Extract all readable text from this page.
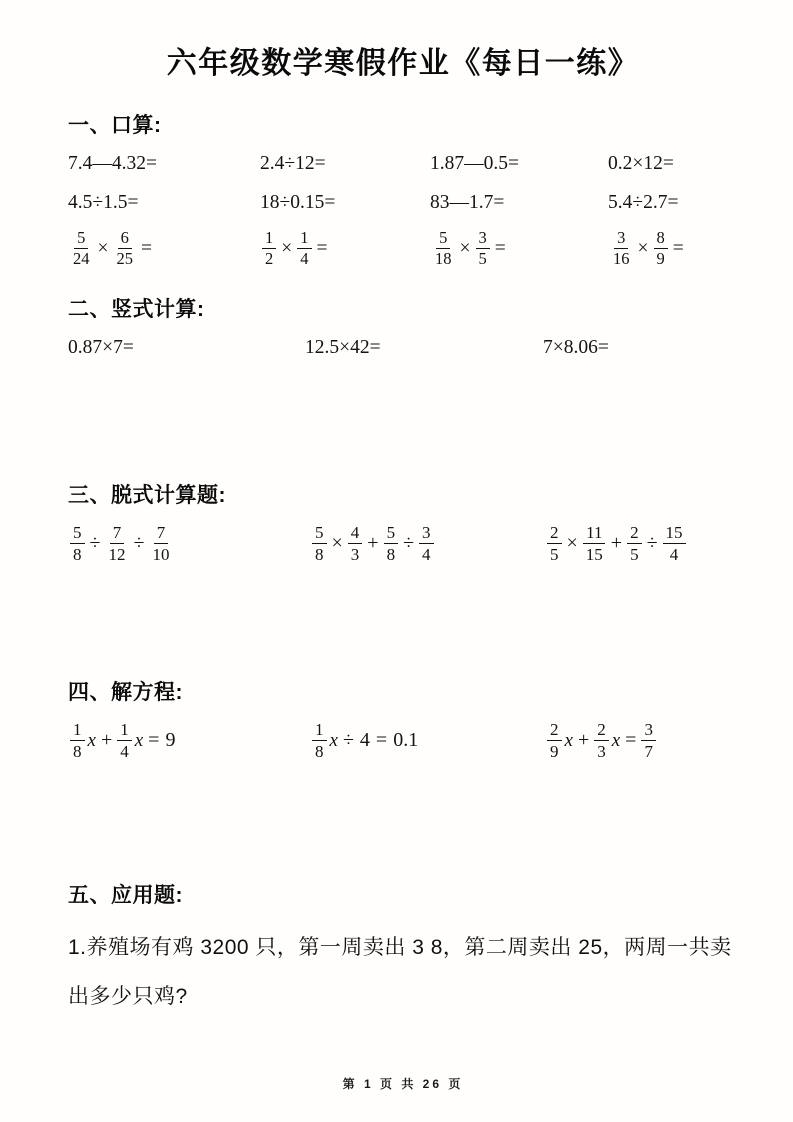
六年级数学寒假作业《每日一练》
一、口算:
7.4—4.32=	2.4÷12=	1.87—0.5=	0.2×12=
4.5÷1.5=	18÷0.15=	83—1.7=	5.4÷2.7=
$\frac{5}{24} \times \frac{6}{25}$ =	$\frac{1}{2} \times \frac{1}{4}$ =	$\frac{5}{18} \times \frac{3}{5}$ =	$\frac{3}{16} \times \frac{8}{9}$ =
二、竖式计算:
0.87×7=	12.5×42=	7×8.06=
三、脱式计算题:
$\frac{5}{8} \div \frac{7}{12} \div \frac{7}{10}$	$\frac{5}{8} \times \frac{4}{3} + \frac{5}{8} \div \frac{3}{4}$	$\frac{2}{5} \times \frac{11}{15} + \frac{2}{5} \div \frac{15}{4}$
四、解方程:
$\frac{1}{8}$ $x + \frac{1}{4}$ x = 9	$\frac{1}{8}$ x ÷ 4 = 0.1	$\frac{2}{9}$ $x + \frac{2}{3}$ $x = \frac{3}{7}$
五、应用题:

1.养殖场有鸡 3200 只，第一周卖出 3 8，第二周卖出 25，两周一共卖出多少只鸡?

第 1 页 共 26 页
